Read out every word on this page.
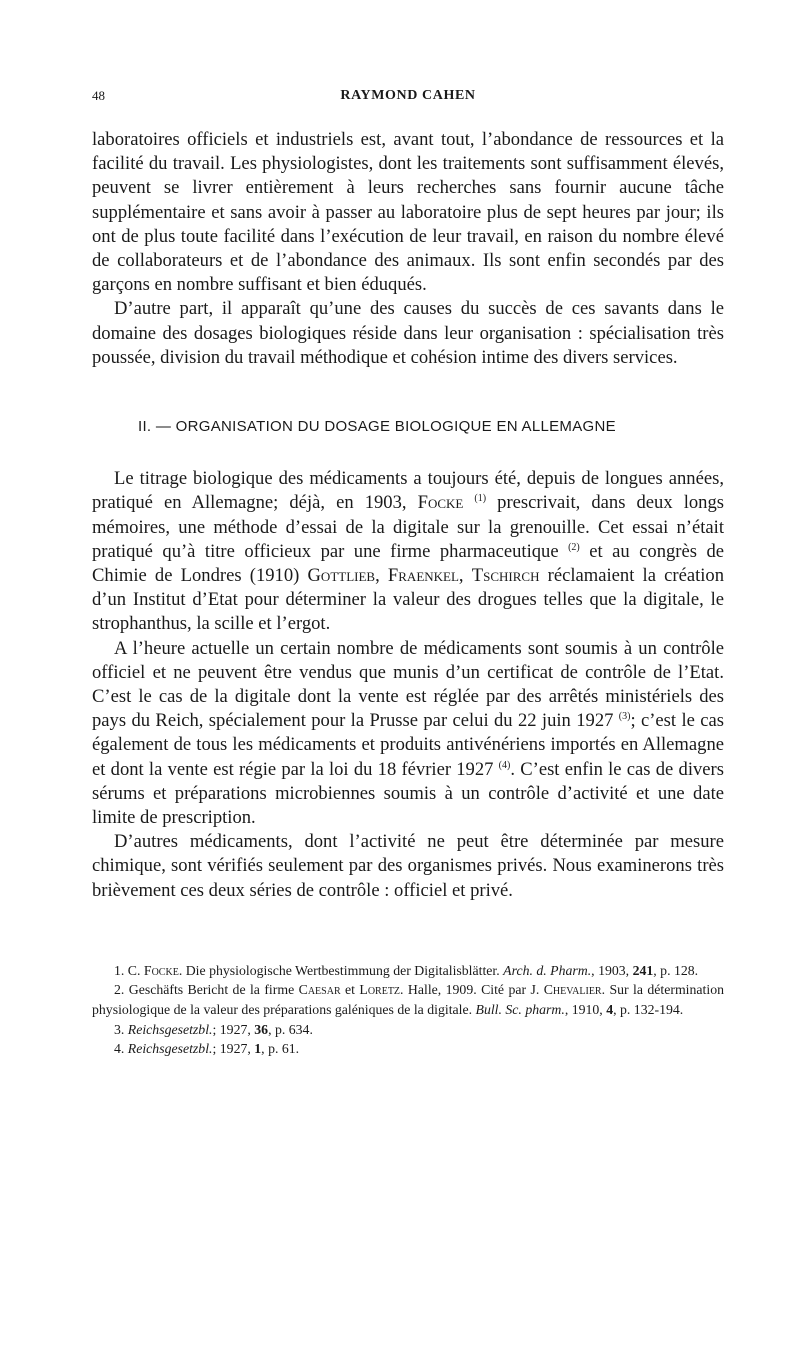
48	RAYMOND CAHEN

laboratoires officiels et industriels est, avant tout, l’abondance de ressources et la facilité du travail. Les physiologistes, dont les traitements sont suffisamment élevés, peuvent se livrer entièrement à leurs recherches sans fournir aucune tâche supplémentaire et sans avoir à passer au laboratoire plus de sept heures par jour; ils ont de plus toute facilité dans l’exécution de leur travail, en raison du nombre élevé de collaborateurs et de l’abondance des animaux. Ils sont enfin secondés par des garçons en nombre suffisant et bien éduqués.

D’autre part, il apparaît qu’une des causes du succès de ces savants dans le domaine des dosages biologiques réside dans leur organisation : spécialisation très poussée, division du travail méthodique et cohésion intime des divers services.

II. — ORGANISATION DU DOSAGE BIOLOGIQUE EN ALLEMAGNE

Le titrage biologique des médicaments a toujours été, depuis de longues années, pratiqué en Allemagne; déjà, en 1903, Focke $^{(1)}$ prescrivait, dans deux longs mémoires, une méthode d’essai de la digitale sur la grenouille. Cet essai n’était pratiqué qu’à titre officieux par une firme pharmaceutique $^{(2)}$ et au congrès de Chimie de Londres (1910) Gottlieb, Fraenkel, Tschirch réclamaient la création d’un Institut d’Etat pour déterminer la valeur des drogues telles que la digitale, le strophanthus, la scille et l’ergot.

A l’heure actuelle un certain nombre de médicaments sont soumis à un contrôle officiel et ne peuvent être vendus que munis d’un certificat de contrôle de l’Etat. C’est le cas de la digitale dont la vente est réglée par des arrêtés ministériels des pays du Reich, spécialement pour la Prusse par celui du 22 juin 1927 $^{(3)}$; c’est le cas également de tous les médicaments et produits antivénériens importés en Allemagne et dont la vente est régie par la loi du 18 février 1927 $^{(4)}$. C’est enfin le cas de divers sérums et préparations microbiennes soumis à un contrôle d’activité et une date limite de prescription.

D’autres médicaments, dont l’activité ne peut être déterminée par mesure chimique, sont vérifiés seulement par des organismes privés. Nous examinerons très brièvement ces deux séries de contrôle : officiel et privé.

1. C. Focke. Die physiologische Wertbestimmung der Digitalisblätter. Arch. d. Pharm., 1903, 241, p. 128.

2. Geschäfts Bericht de la firme Caesar et Loretz. Halle, 1909. Cité par J. Chevalier. Sur la détermination physiologique de la valeur des préparations galéniques de la digitale. Bull. Sc. pharm., 1910, 4, p. 132-194.

3. Reichsgesetzbl.; 1927, 36, p. 634.

4. Reichsgesetzbl.; 1927, 1, p. 61.
